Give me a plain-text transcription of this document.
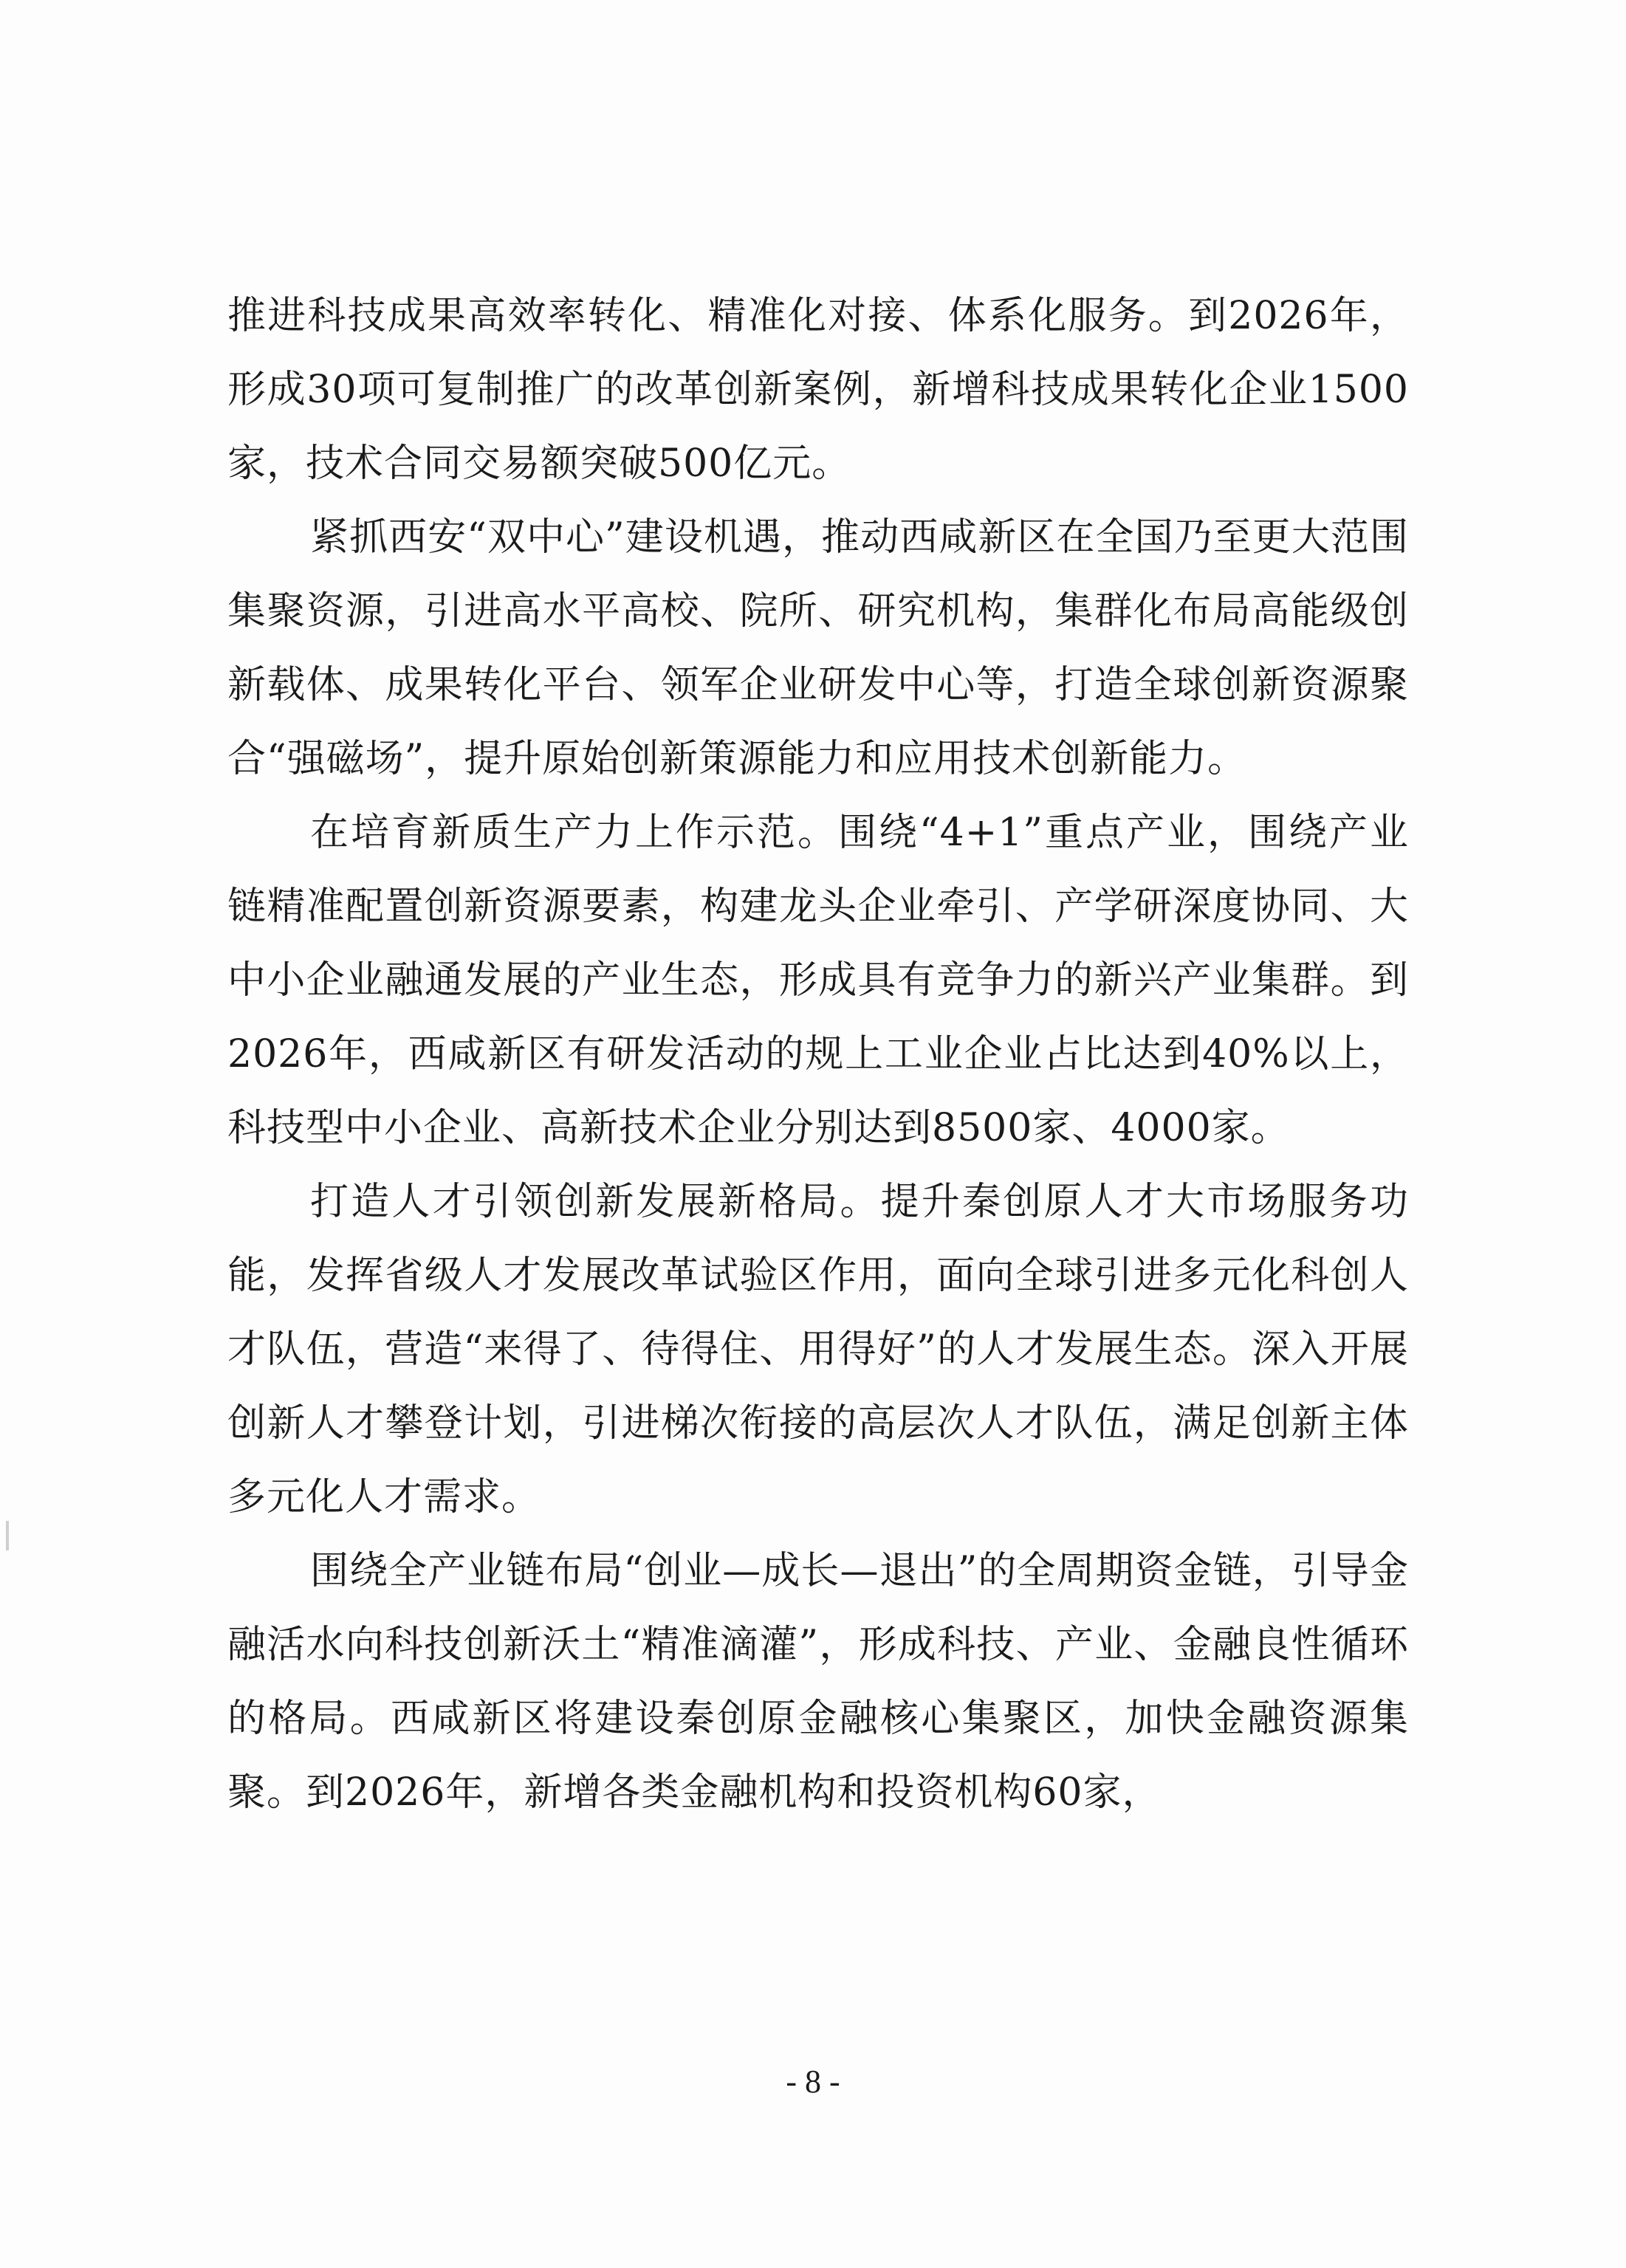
推进科技成果高效率转化、精准化对接、体系化服务。到2026年，形成30项可复制推广的改革创新案例，新增科技成果转化企业1500家，技术合同交易额突破500亿元。

紧抓西安“双中心”建设机遇，推动西咸新区在全国乃至更大范围集聚资源，引进高水平高校、院所、研究机构，集群化布局高能级创新载体、成果转化平台、领军企业研发中心等，打造全球创新资源聚合“强磁场”，提升原始创新策源能力和应用技术创新能力。

在培育新质生产力上作示范。围绕“4+1”重点产业，围绕产业链精准配置创新资源要素，构建龙头企业牵引、产学研深度协同、大中小企业融通发展的产业生态，形成具有竞争力的新兴产业集群。到2026年，西咸新区有研发活动的规上工业企业占比达到40%以上，科技型中小企业、高新技术企业分别达到8500家、4000家。

打造人才引领创新发展新格局。提升秦创原人才大市场服务功能，发挥省级人才发展改革试验区作用，面向全球引进多元化科创人才队伍，营造“来得了、待得住、用得好”的人才发展生态。深入开展创新人才攀登计划，引进梯次衔接的高层次人才队伍，满足创新主体多元化人才需求。

围绕全产业链布局“创业—成长—退出”的全周期资金链，引导金融活水向科技创新沃土“精准滴灌”，形成科技、产业、金融良性循环的格局。西咸新区将建设秦创原金融核心集聚区，加快金融资源集聚。到2026年，新增各类金融机构和投资机构60家，

- 8 -
